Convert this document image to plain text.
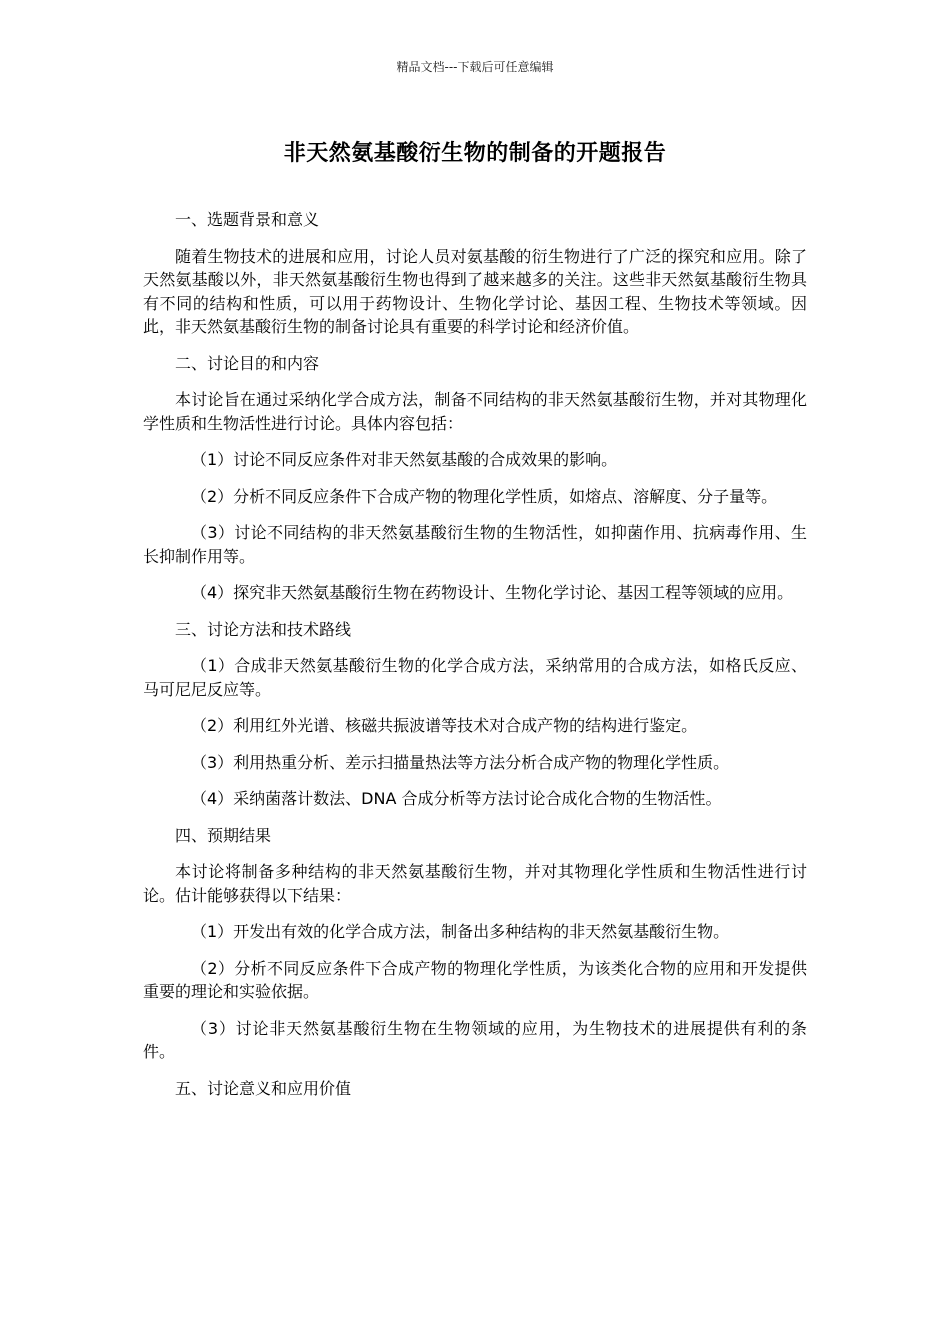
精品文档---下载后可任意编辑
非天然氨基酸衍生物的制备的开题报告

一、选题背景和意义

随着生物技术的进展和应用，讨论人员对氨基酸的衍生物进行了广泛的探究和应用。除了天然氨基酸以外，非天然氨基酸衍生物也得到了越来越多的关注。这些非天然氨基酸衍生物具有不同的结构和性质，可以用于药物设计、生物化学讨论、基因工程、生物技术等领域。因此，非天然氨基酸衍生物的制备讨论具有重要的科学讨论和经济价值。

二、讨论目的和内容

本讨论旨在通过采纳化学合成方法，制备不同结构的非天然氨基酸衍生物，并对其物理化学性质和生物活性进行讨论。具体内容包括：

（1）讨论不同反应条件对非天然氨基酸的合成效果的影响。

（2）分析不同反应条件下合成产物的物理化学性质，如熔点、溶解度、分子量等。

（3）讨论不同结构的非天然氨基酸衍生物的生物活性，如抑菌作用、抗病毒作用、生长抑制作用等。

（4）探究非天然氨基酸衍生物在药物设计、生物化学讨论、基因工程等领域的应用。

三、讨论方法和技术路线

（1）合成非天然氨基酸衍生物的化学合成方法，采纳常用的合成方法，如格氏反应、马可尼尼反应等。

（2）利用红外光谱、核磁共振波谱等技术对合成产物的结构进行鉴定。

（3）利用热重分析、差示扫描量热法等方法分析合成产物的物理化学性质。

（4）采纳菌落计数法、DNA 合成分析等方法讨论合成化合物的生物活性。

四、预期结果

本讨论将制备多种结构的非天然氨基酸衍生物，并对其物理化学性质和生物活性进行讨论。估计能够获得以下结果：

（1）开发出有效的化学合成方法，制备出多种结构的非天然氨基酸衍生物。

（2）分析不同反应条件下合成产物的物理化学性质，为该类化合物的应用和开发提供重要的理论和实验依据。

（3）讨论非天然氨基酸衍生物在生物领域的应用，为生物技术的进展提供有利的条件。

五、讨论意义和应用价值
